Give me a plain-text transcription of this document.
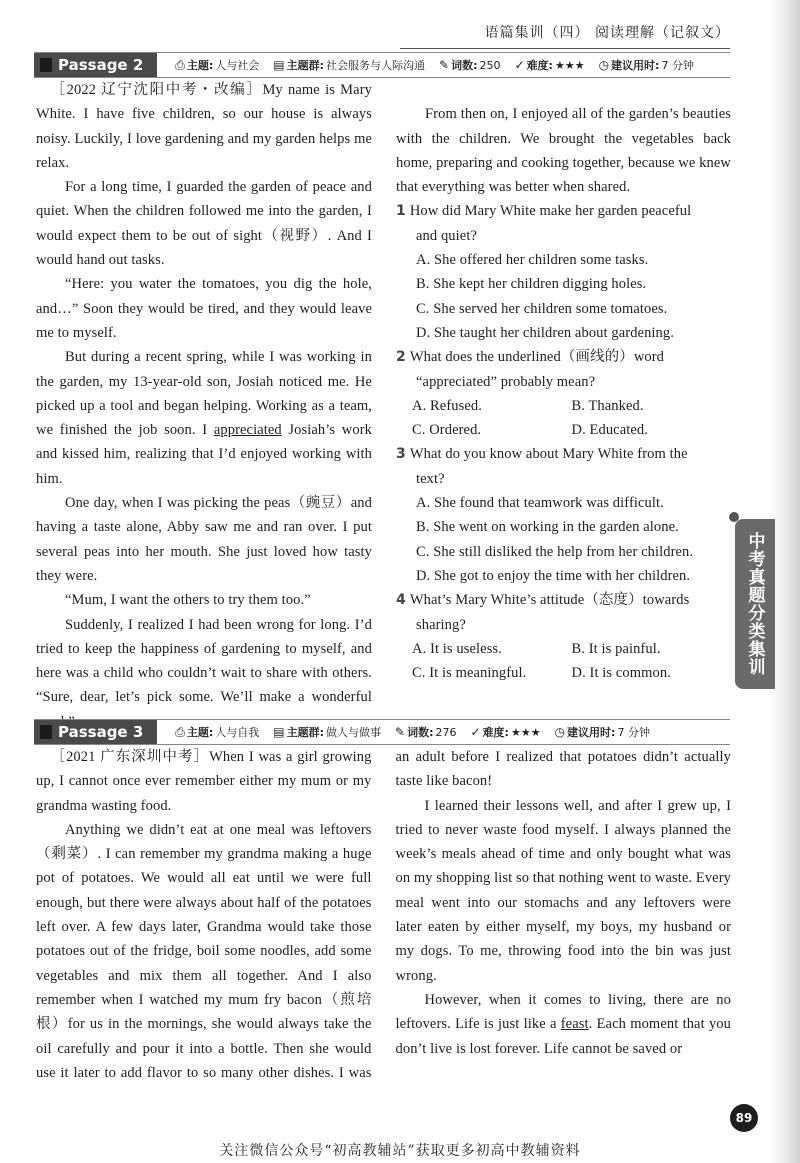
语篇集训（四） 阅读理解（记叙文）
Passage 2	⎙ 主题: 人与社会 ▤ 主题群: 社会服务与人际沟通 ✎ 词数: 250 ✓ 难度: ★★★ ◷ 建议用时: 7 分钟

［2022 辽宁沈阳中考・改编］My name is Mary White. I have five children, so our house is always noisy. Luckily, I love gardening and my garden helps me relax.

For a long time, I guarded the garden of peace and quiet. When the children followed me into the garden, I would expect them to be out of sight（视野）. And I would hand out tasks.

“Here: you water the tomatoes, you dig the hole, and…” Soon they would be tired, and they would leave me to myself.

But during a recent spring, while I was working in the garden, my 13-year-old son, Josiah noticed me. He picked up a tool and began helping. Working as a team, we finished the job soon. I appreciated Josiah’s work and kissed him, realizing that I’d enjoyed working with him.

One day, when I was picking the peas（豌豆）and having a taste alone, Abby saw me and ran over. I put several peas into her mouth. She just loved how tasty they were.

“Mum, I want the others to try them too.”

Suddenly, I realized I had been wrong for long. I’d tried to keep the happiness of gardening to myself, and here was a child who couldn’t wait to share with others. “Sure, dear, let’s pick some. We’ll make a wonderful

From then on, I enjoyed all of the garden’s beauties with the children. We brought the vegetables back home, preparing and cooking together, because we knew that everything was better when shared.

1 How did Mary White make her garden peaceful
and quiet?
A. She offered her children some tasks.
B. She kept her children digging holes.
C. She served her children some tomatoes.
D. She taught her children about gardening.
2 What does the underlined（画线的）word
“appreciated” probably mean?
A. Refused.	B. Thanked.
C. Ordered.	D. Educated.
3 What do you know about Mary White from the
text?
A. She found that teamwork was difficult.
B. She went on working in the garden alone.
C. She still disliked the help from her children.
D. She got to enjoy the time with her children.
4 What’s Mary White’s attitude（态度）towards
sharing?
A. It is useless.	B. It is painful.
C. It is meaningful.	D. It is common.
Passage 3	⎙ 主题: 人与自我 ▤ 主题群: 做人与做事 ✎ 词数: 276 ✓ 难度: ★★★ ◷ 建议用时: 7 分钟

［2021 广东深圳中考］When I was a girl growing up, I cannot once ever remember either my mum or my grandma wasting food.

Anything we didn’t eat at one meal was leftovers（剩菜）. I can remember my grandma making a huge pot of potatoes. We would all eat until we were full enough, but there were always about half of the potatoes left over. A few days later, Grandma would take those potatoes out of the fridge, boil some noodles, add some vegetables and mix them all together. And I also remember when I watched my mum fry bacon（煎培根）for us in the mornings, she would always take the oil carefully and pour it into a bottle. Then she would use it later to add flavor to so many other dishes. I was an adult before I realized that potatoes didn’t actually taste like bacon!

I learned their lessons well, and after I grew up, I tried to never waste food myself. I always planned the week’s meals ahead of time and only bought what was on my shopping list so that nothing went to waste. Every meal went into our stomachs and any leftovers were later eaten by either myself, my boys, my husband or my dogs. To me, throwing food into the bin was just wrong.

However, when it comes to living, there are no leftovers. Life is just like a feast. Each moment that you don’t live is lost forever. Life cannot be saved or

中考真题分类集训
89
关注微信公众号“初高教辅站”获取更多初高中教辅资料
